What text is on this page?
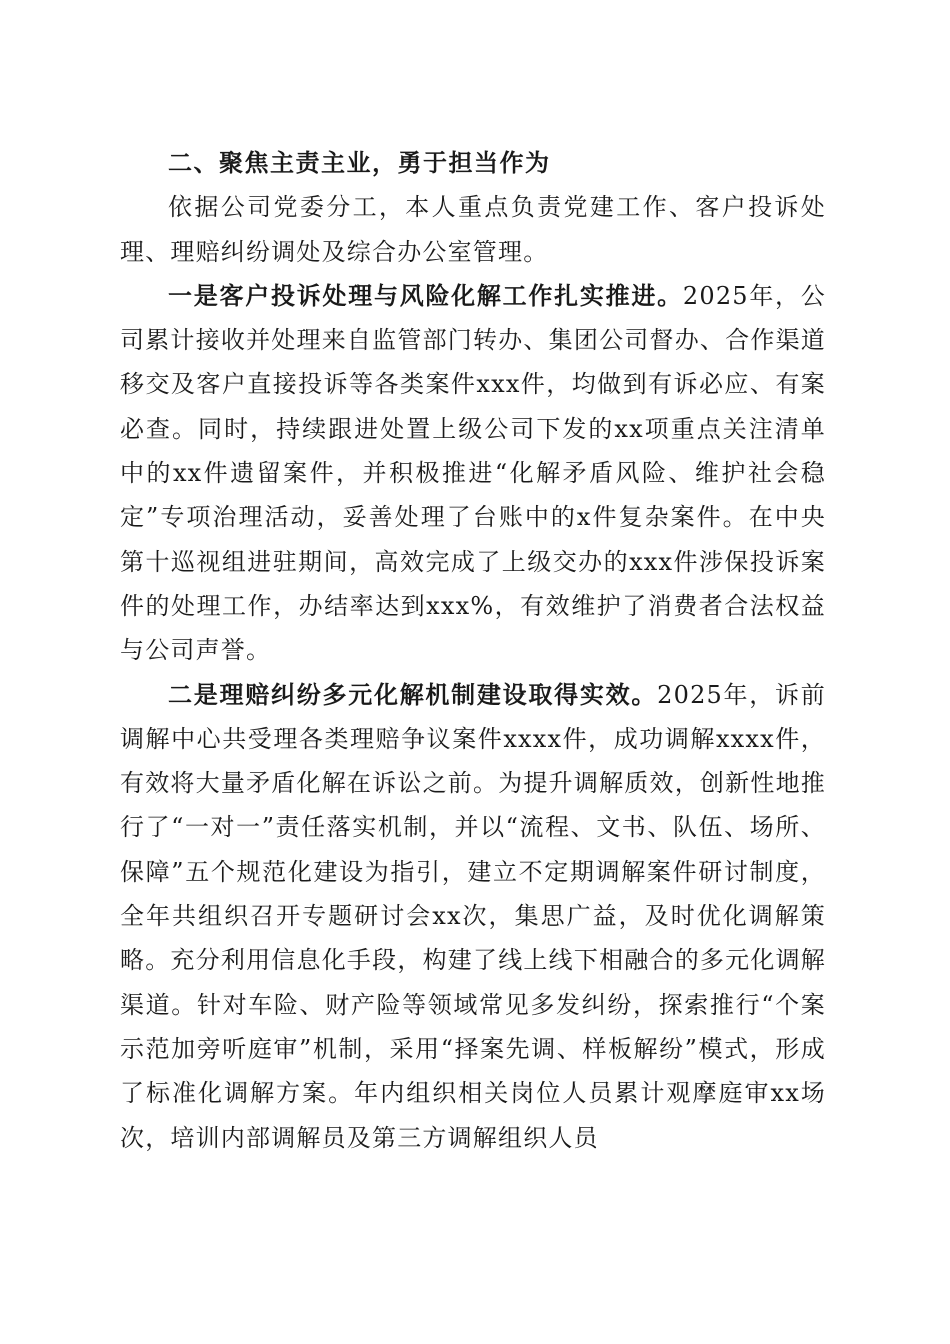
二、聚焦主责主业，勇于担当作为

依据公司党委分工，本人重点负责党建工作、客户投诉处理、理赔纠纷调处及综合办公室管理。

一是客户投诉处理与风险化解工作扎实推进。2025年，公司累计接收并处理来自监管部门转办、集团公司督办、合作渠道移交及客户直接投诉等各类案件xxx件，均做到有诉必应、有案必查。同时，持续跟进处置上级公司下发的xx项重点关注清单中的xx件遗留案件，并积极推进“化解矛盾风险、维护社会稳定”专项治理活动，妥善处理了台账中的x件复杂案件。在中央第十巡视组进驻期间，高效完成了上级交办的xxx件涉保投诉案件的处理工作，办结率达到xxx%，有效维护了消费者合法权益与公司声誉。

二是理赔纠纷多元化解机制建设取得实效。2025年，诉前调解中心共受理各类理赔争议案件xxxx件，成功调解xxxx件，有效将大量矛盾化解在诉讼之前。为提升调解质效，创新性地推行了“一对一”责任落实机制，并以“流程、文书、队伍、场所、保障”五个规范化建设为指引，建立不定期调解案件研讨制度，全年共组织召开专题研讨会xx次，集思广益，及时优化调解策略。充分利用信息化手段，构建了线上线下相融合的多元化调解渠道。针对车险、财产险等领域常见多发纠纷，探索推行“个案示范加旁听庭审”机制，采用“择案先调、样板解纷”模式，形成了标准化调解方案。年内组织相关岗位人员累计观摩庭审xx场次，培训内部调解员及第三方调解组织人员
